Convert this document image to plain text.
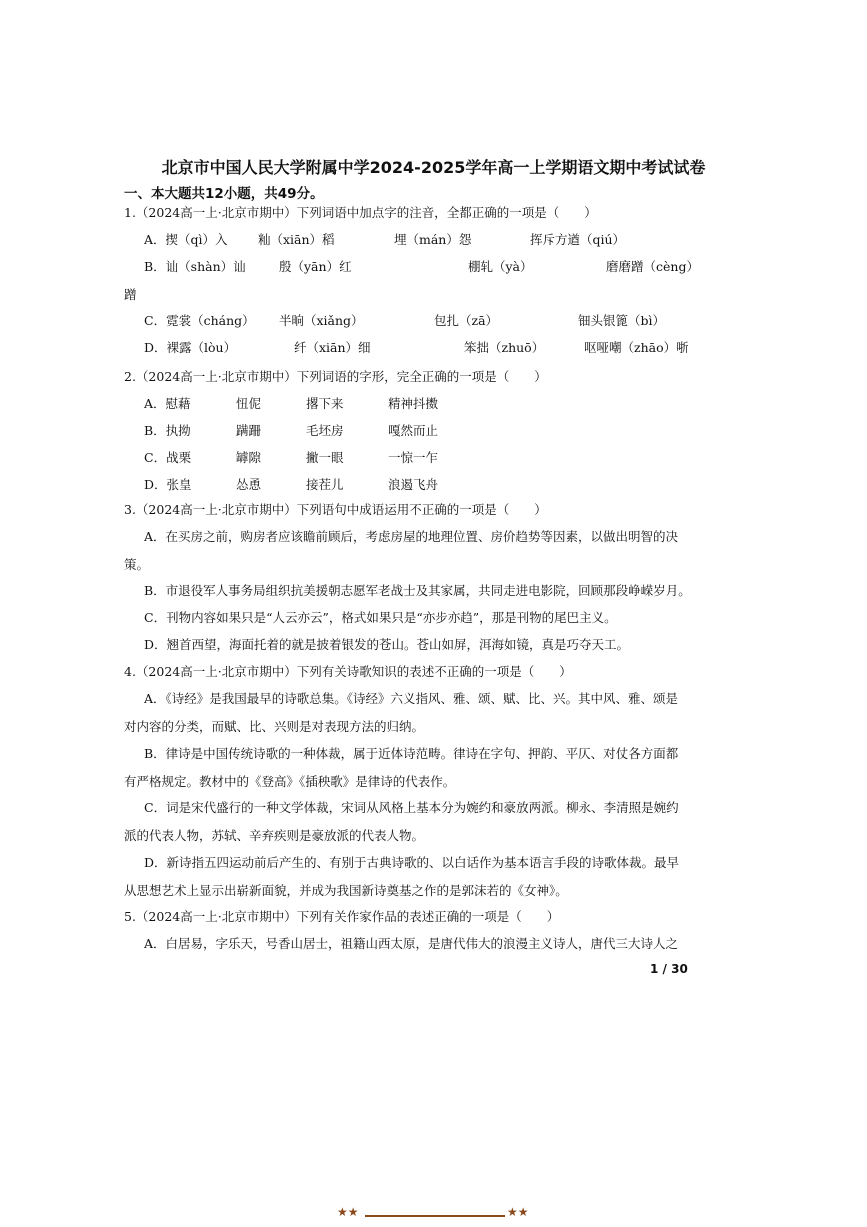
北京市中国人民大学附属中学2024-2025学年高一上学期语文期中考试试卷
一、本大题共12小题，共49分。
1.（2024高一上·北京市期中）下列词语中加点字的注音，全都正确的一项是（　　）
A．揳（qì）入 籼（xiān）稻	埋（mán）怨	挥斥方遒（qiú）
B．讪（shàn）讪	殷（yān）红	棚轧（yà）	磨磨蹭（cèng）
蹭
C．霓裳（cháng） 半晌（xiǎng）	包扎（zā）	钿头银篦（bì）
D．裸露（lòu）	纤（xiān）细	笨拙（zhuō）	呕哑嘲（zhāo）哳
2.（2024高一上·北京市期中）下列词语的字形，完全正确的一项是（　　）
A．慰藉	忸伲	撂下来	精神抖擞
B．执拗	蹒跚	毛坯房	嘎然而止
C．战栗	罅隙	撇一眼	一惊一乍
D．张皇	怂恿	接茬儿	浪遏飞舟
3.（2024高一上·北京市期中）下列语句中成语运用不正确的一项是（　　）
A．在买房之前，购房者应该瞻前顾后，考虑房屋的地理位置、房价趋势等因素，以做出明智的决
策。
B．市退役军人事务局组织抗美援朝志愿军老战士及其家属，共同走进电影院，回顾那段峥嵘岁月。
C．刊物内容如果只是“人云亦云”，格式如果只是“亦步亦趋”，那是刊物的尾巴主义。
D．翘首西望，海面托着的就是披着银发的苍山。苍山如屏，洱海如镜，真是巧夺天工。
4.（2024高一上·北京市期中）下列有关诗歌知识的表述不正确的一项是（　　）
A．《诗经》是我国最早的诗歌总集。《诗经》六义指风、雅、颂、赋、比、兴。其中风、雅、颂是
对内容的分类，而赋、比、兴则是对表现方法的归纳。
B．律诗是中国传统诗歌的一种体裁，属于近体诗范畴。律诗在字句、押韵、平仄、对仗各方面都
有严格规定。教材中的《登高》《插秧歌》是律诗的代表作。
C．词是宋代盛行的一种文学体裁，宋词从风格上基本分为婉约和豪放两派。柳永、李清照是婉约
派的代表人物，苏轼、辛弃疾则是豪放派的代表人物。
D．新诗指五四运动前后产生的、有别于古典诗歌的、以白话作为基本语言手段的诗歌体裁。最早
从思想艺术上显示出崭新面貌，并成为我国新诗奠基之作的是郭沫若的《女神》。
5.（2024高一上·北京市期中）下列有关作家作品的表述正确的一项是（　　）
A．白居易，字乐天，号香山居士，祖籍山西太原，是唐代伟大的浪漫主义诗人，唐代三大诗人之
1 / 30
★★	★★
